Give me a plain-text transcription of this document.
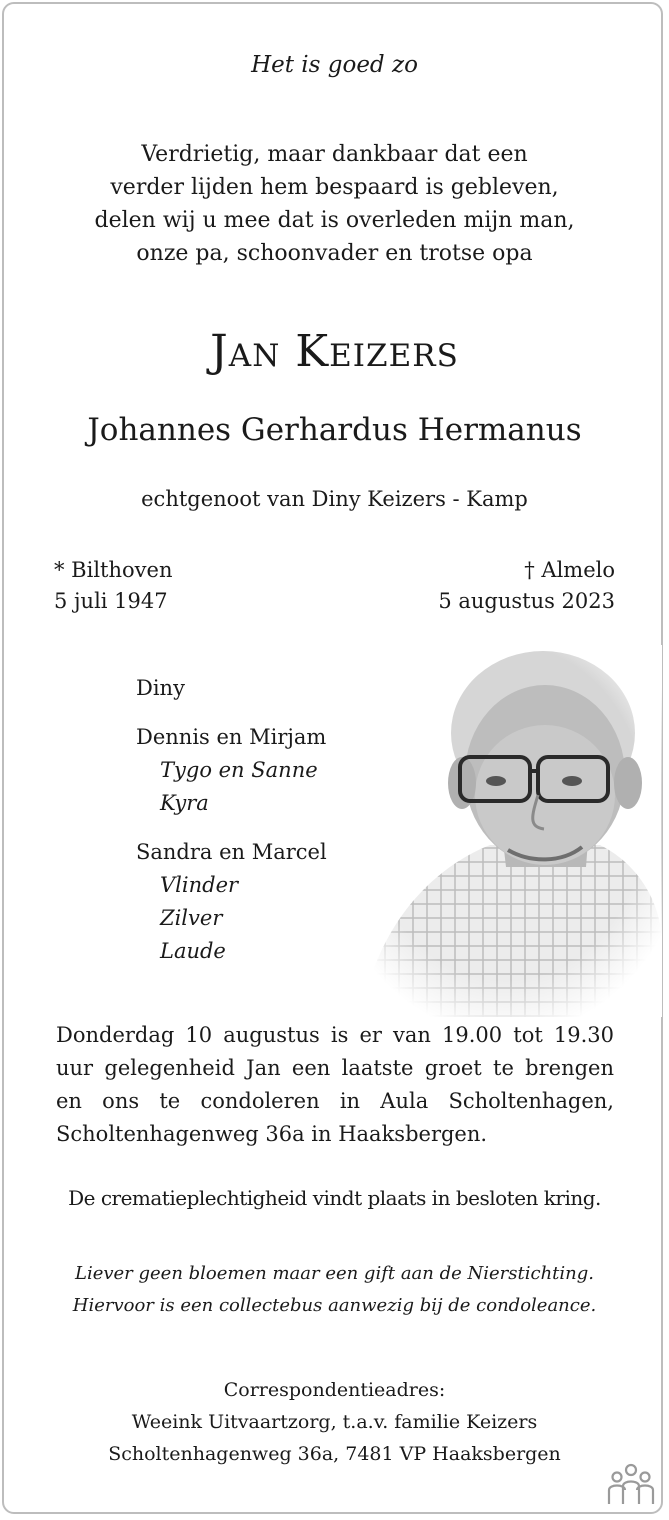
Het is goed zo
Verdrietig, maar dankbaar dat een
verder lijden hem bespaard is gebleven,
delen wij u mee dat is overleden mijn man,
onze pa, schoonvader en trotse opa
Jan Keizers
Johannes Gerhardus Hermanus
echtgenoot van Diny Keizers - Kamp
* Bilthoven
5 juli 1947
† Almelo
5 augustus 2023
Diny
Dennis en Mirjam
Tygo en Sanne
Kyra
Sandra en Marcel
Vlinder
Zilver
Laude
Donderdag 10 augustus is er van 19.00 tot 19.30 uur gelegenheid Jan een laatste groet te brengen en ons te condoleren in Aula Scholtenhagen, Scholtenhagenweg 36a in Haaksbergen.
De crematieplechtigheid vindt plaats in besloten kring.
Liever geen bloemen maar een gift aan de Nierstichting.
Hiervoor is een collectebus aanwezig bij de condoleance.
Correspondentieadres:
Weeink Uitvaartzorg, t.a.v. familie Keizers
Scholtenhagenweg 36a, 7481 VP Haaksbergen
